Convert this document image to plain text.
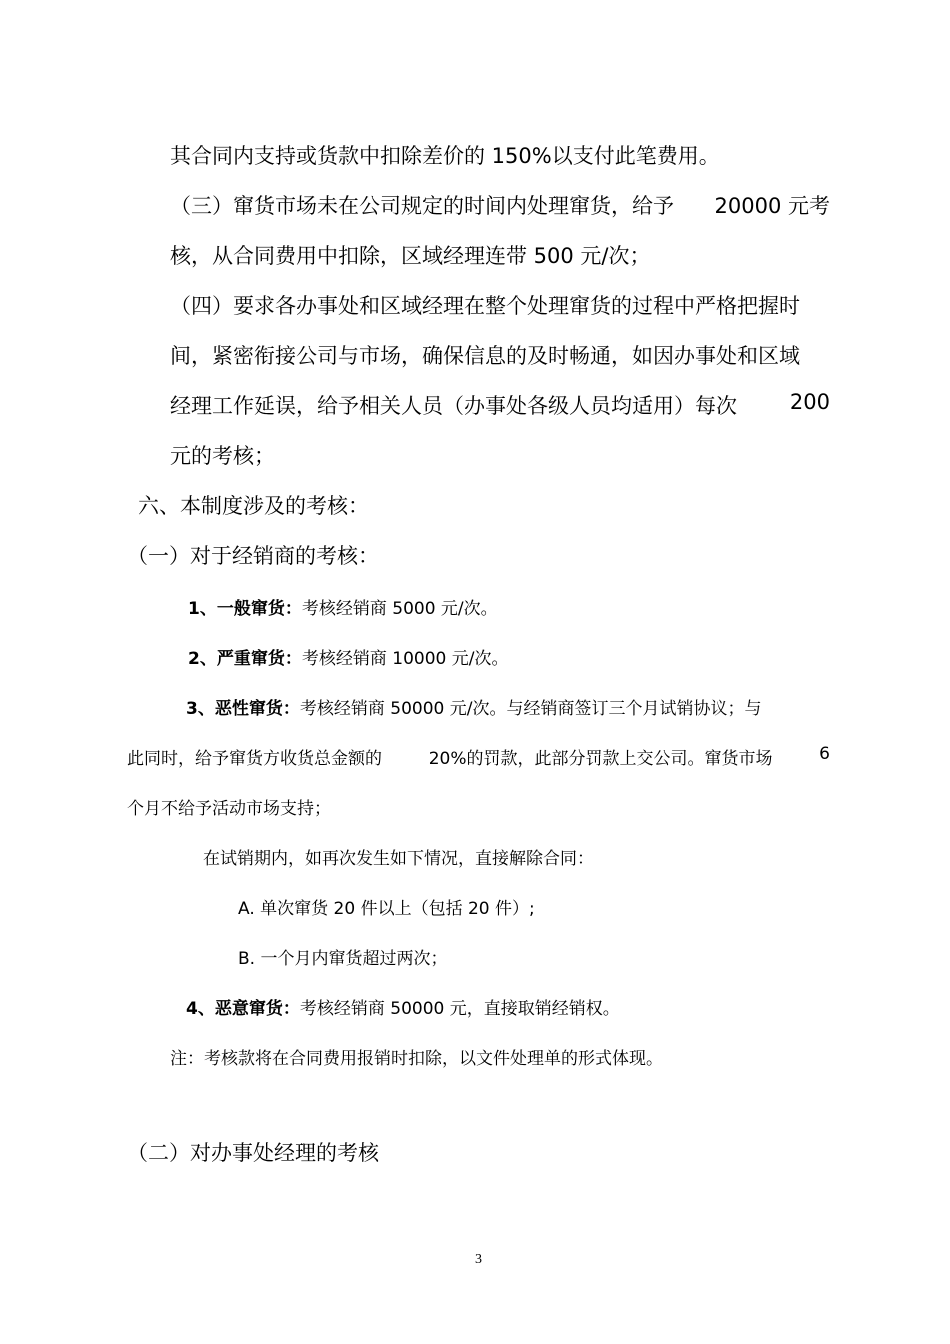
其合同内支持或货款中扣除差价的 150%以支付此笔费用。
（三）窜货市场未在公司规定的时间内处理窜货，给予 20000 元考
核，从合同费用中扣除，区域经理连带 500 元/次；
（四）要求各办事处和区域经理在整个处理窜货的过程中严格把握时
间，紧密衔接公司与市场，确保信息的及时畅通，如因办事处和区域
经理工作延误，给予相关人员（办事处各级人员均适用）每次	200
元的考核；
六、本制度涉及的考核：
（一）对于经销商的考核：
1、一般窜货：考核经销商 5000 元/次。
2、严重窜货：考核经销商 10000 元/次。
3、恶性窜货：考核经销商 50000 元/次。与经销商签订三个月试销协议；与
此同时，给予窜货方收货总金额的	20%的罚款，此部分罚款上交公司。窜货市场	6
个月不给予活动市场支持；
在试销期内，如再次发生如下情况，直接解除合同：
A. 单次窜货 20 件以上（包括 20 件）;
B. 一个月内窜货超过两次；
4、恶意窜货：考核经销商 50000 元，直接取销经销权。
注：考核款将在合同费用报销时扣除，以文件处理单的形式体现。
（二）对办事处经理的考核
3
